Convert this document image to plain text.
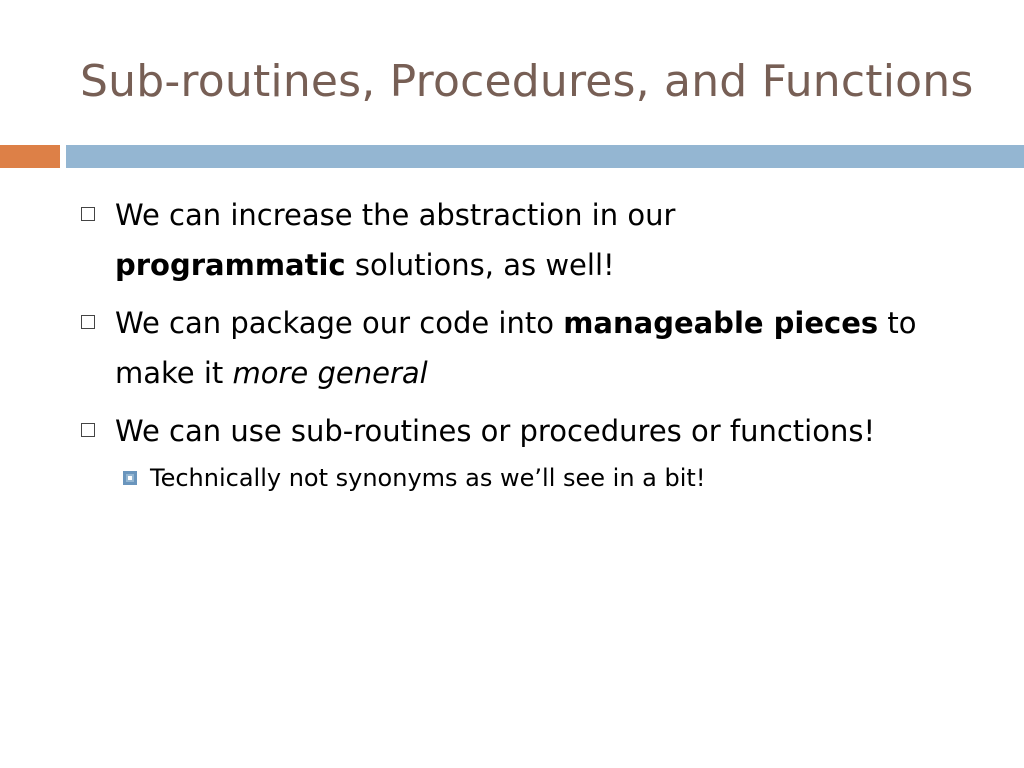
Sub-routines, Procedures, and Functions
We can increase the abstraction in our
programmatic solutions, as well!
We can package our code into manageable pieces to make it more general
We can use sub-routines or procedures or functions!
Technically not synonyms as we’ll see in a bit!
